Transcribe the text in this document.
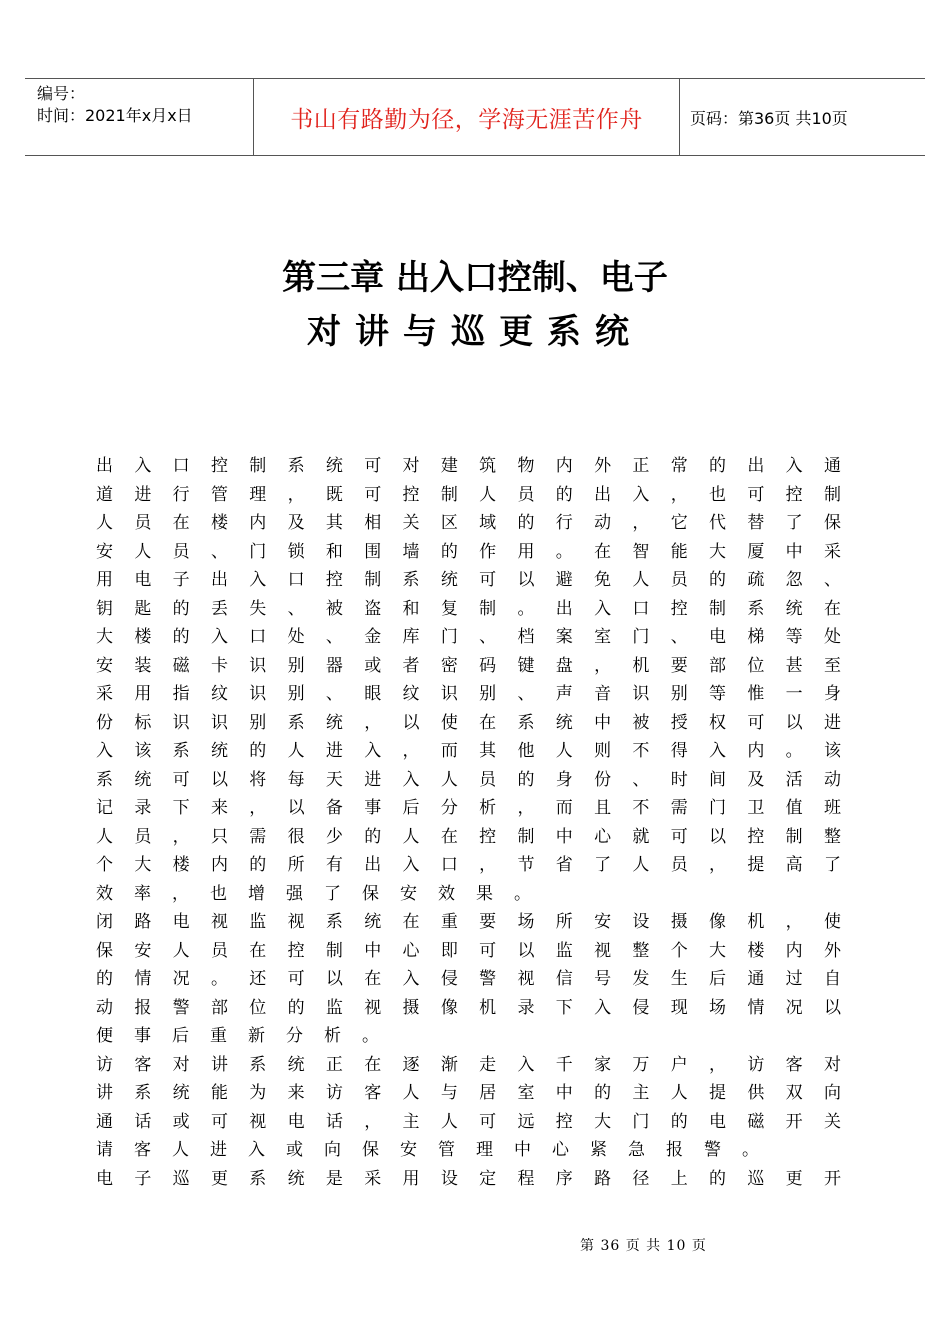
编号：
时间：2021年x月x日	书山有路勤为径，学海无涯苦作舟	页码：第36页 共10页
第三章 出入口控制、电子
对讲与巡更系统
出入口控制系统可对建筑物内外正常的出入通
道进行管理，既可控制人员的出入，也可控制
人员在楼内及其相关区域的行动，它代替了保
安人员、门锁和围墙的作用。在智能大厦中采
用电子出入口控制系统可以避免人员的疏忽、
钥匙的丢失、被盗和复制。出入口控制系统在
大楼的入口处、金库门、档案室门、电梯等处
安装磁卡识别器或者密码键盘，机要部位甚至
采用指纹识别、眼纹识别、声音识别等惟一身
份标识识别系统，以使在系统中被授权可以进
入该系统的人进入，而其他人则不得入内。该
系统可以将每天进入人员的身份、时间及活动
记录下来，以备事后分析，而且不需门卫值班
人员，只需很少的人在控制中心就可以控制整
个大楼内的所有出入口，节省了人员，提高了
效率，也增强了保安效果。
闭路电视监视系统在重要场所安设摄像机，使
保安人员在控制中心即可以监视整个大楼内外
的情况。还可以在入侵警视信号发生后通过自
动报警部位的监视摄像机录下入侵现场情况以
便事后重新分析。
访客对讲系统正在逐渐走入千家万户，访客对
讲系统能为来访客人与居室中的主人提供双向
通话或可视电话，主人可远控大门的电磁开关
请客人进入或向保安管理中心紧急报警。
电子巡更系统是采用设定程序路径上的巡更开
第 36 页 共 10 页
